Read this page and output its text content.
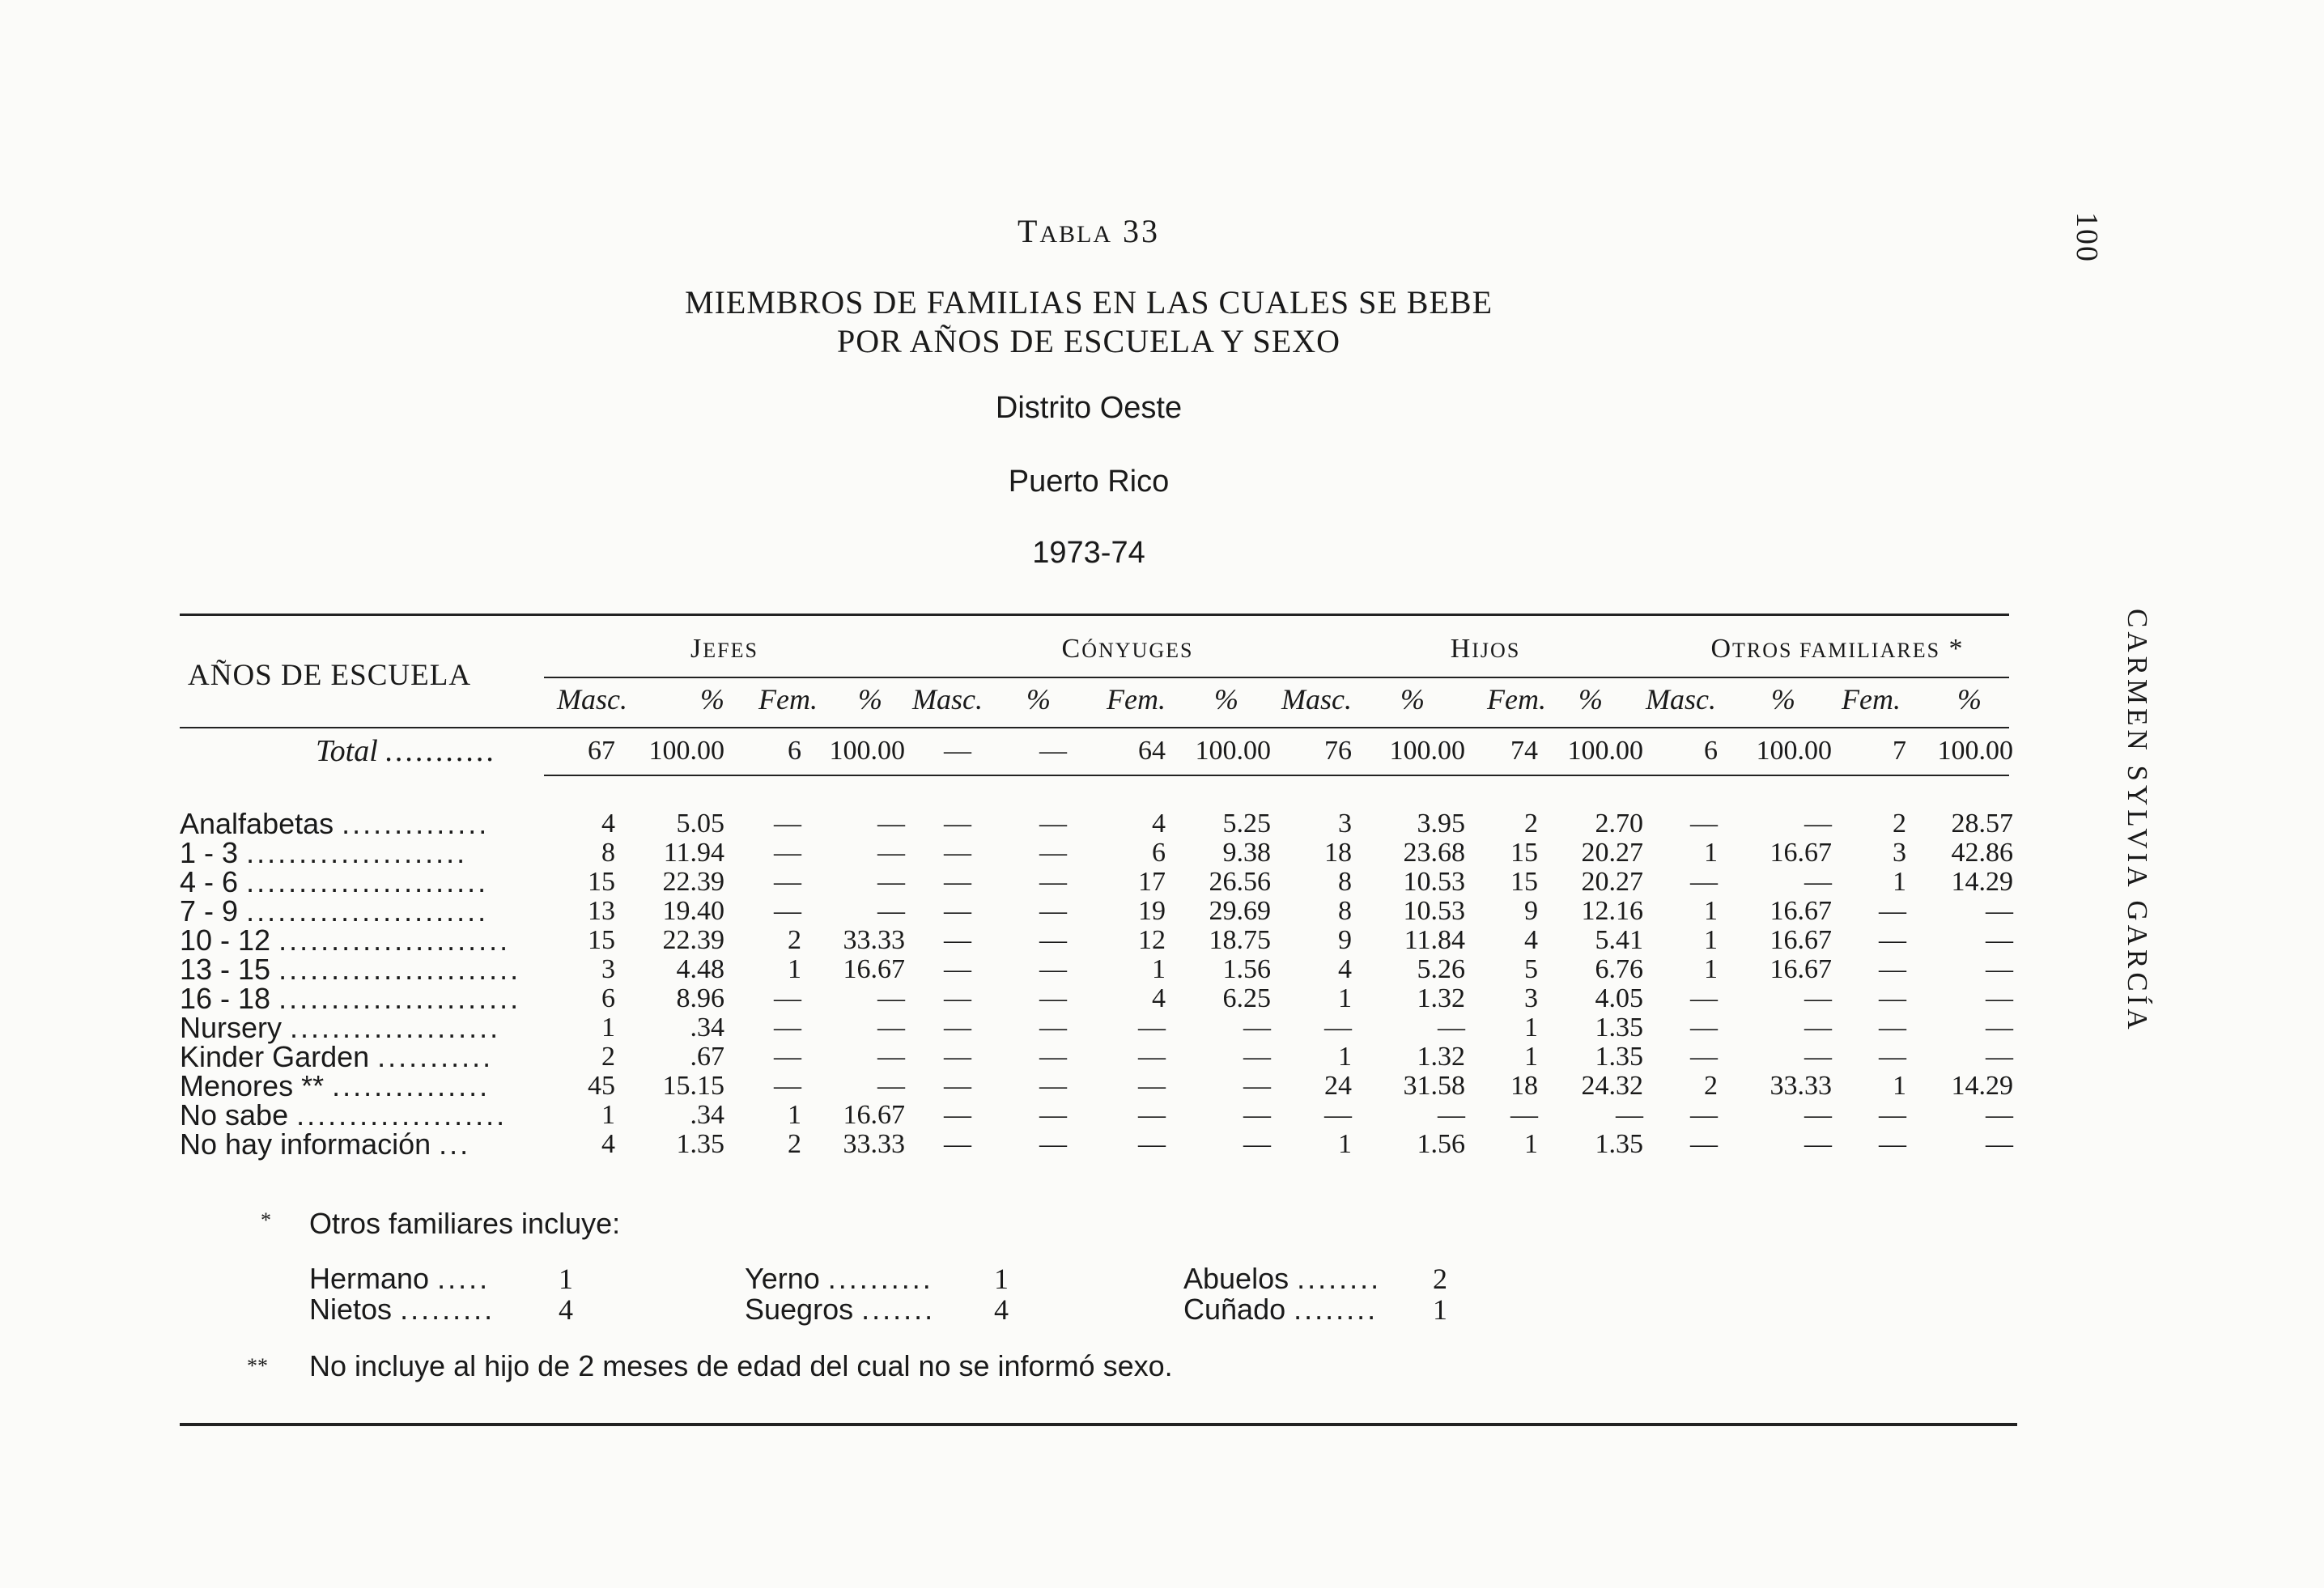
100
CARMEN SYLVIA GARCÍA
TABLA 33
MIEMBROS DE FAMILIAS EN LAS CUALES SE BEBE
POR AÑOS DE ESCUELA Y SEXO
Distrito Oeste
Puerto Rico
1973-74
AÑOS DE ESCUELA
JEFES	CÓNYUGES	HIJOS	OTROS FAMILIARES *
Masc.	%	Fem.	%	Masc.	%	Fem.	%	Masc.	%	Fem.	%	Masc.	%	Fem.	%
Total ...........	67	100.00	6	100.00	—	—	64	100.00	76	100.00	74	100.00	6	100.00	7	100.00
Analfabetas ..............	4	5.05	—	—	—	—	4	5.25	3	3.95	2	2.70	—	—	2	28.57
1 - 3 .....................	8	11.94	—	—	—	—	6	9.38	18	23.68	15	20.27	1	16.67	3	42.86
4 - 6 .......................	15	22.39	—	—	—	—	17	26.56	8	10.53	15	20.27	—	—	1	14.29
7 - 9 .......................	13	19.40	—	—	—	—	19	29.69	8	10.53	9	12.16	1	16.67	—	—
10 - 12 ......................	15	22.39	2	33.33	—	—	12	18.75	9	11.84	4	5.41	1	16.67	—	—
13 - 15 .......................	3	4.48	1	16.67	—	—	1	1.56	4	5.26	5	6.76	1	16.67	—	—
16 - 18 .......................	6	8.96	—	—	—	—	4	6.25	1	1.32	3	4.05	—	—	—	—
Nursery ....................	1	.34	—	—	—	—	—	—	—	—	1	1.35	—	—	—	—
Kinder Garden ...........	2	.67	—	—	—	—	—	—	1	1.32	1	1.35	—	—	—	—
Menores ** ...............	45	15.15	—	—	—	—	—	—	24	31.58	18	24.32	2	33.33	1	14.29
No sabe ....................	1	.34	1	16.67	—	—	—	—	—	—	—	—	—	—	—	—
No hay información ...	4	1.35	2	33.33	—	—	—	—	1	1.56	1	1.35	—	—	—	—
* Otros familiares incluye:
Hermano ..... 1	Yerno .......... 1	Abuelos ........ 2
Nietos ......... 4	Suegros ....... 4	Cuñado ........ 1
** No incluye al hijo de 2 meses de edad del cual no se informó sexo.
